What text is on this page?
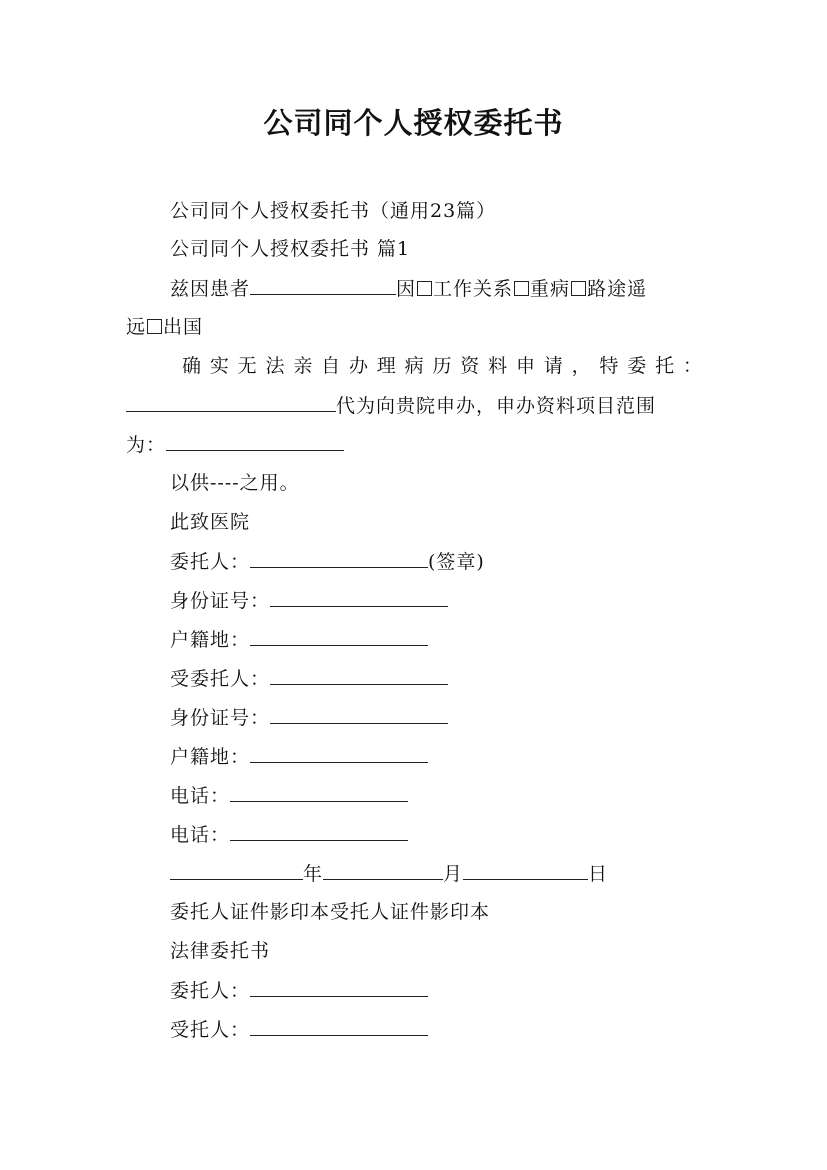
公司同个人授权委托书
公司同个人授权委托书（通用23篇）
公司同个人授权委托书 篇1
兹因患者	因 工作关系 重病 路途遥
远 出国
确 实 无 法 亲 自 办 理 病 历 资 料 申 请 ， 特 委 托 ：
代为向贵院申办，申办资料项目范围
为：
以供----之用。
此致医院
委托人：	(签章)
身份证号：
户籍地：
受委托人：
身份证号：
户籍地：
电话：
电话：
年	月	日
委托人证件影印本受托人证件影印本
法律委托书
委托人：
受托人：
